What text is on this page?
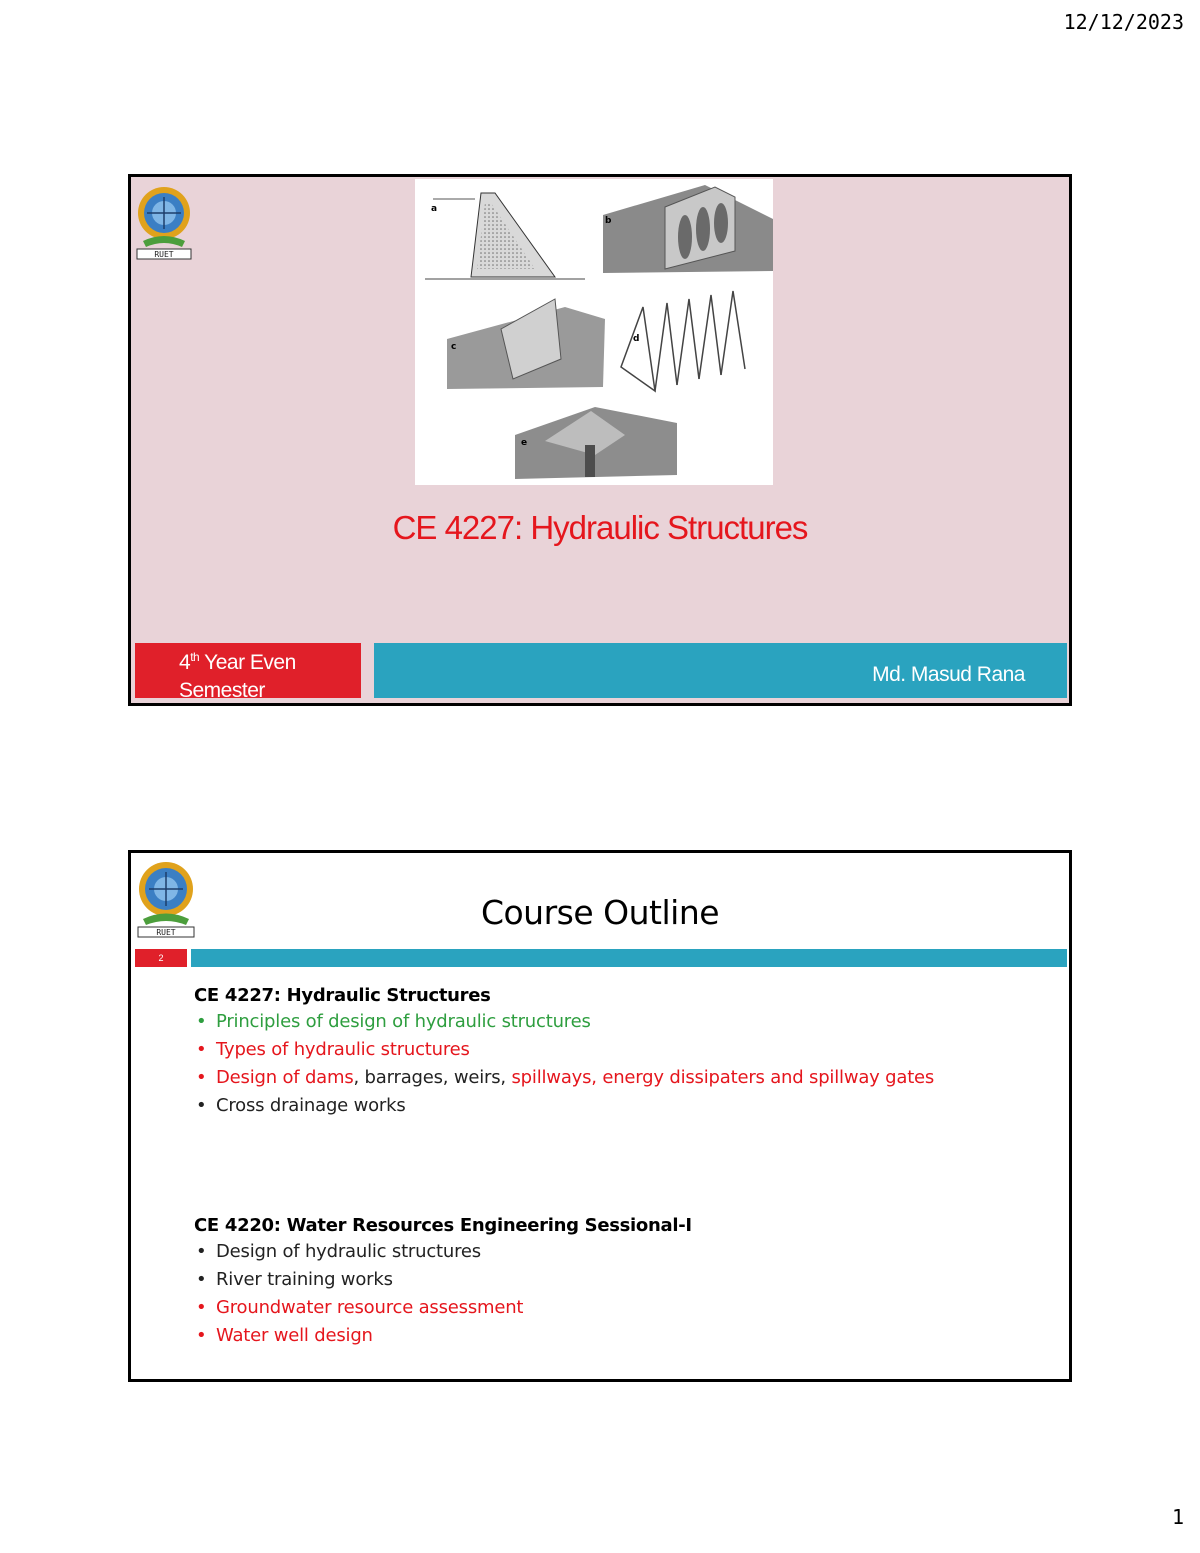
12/12/2023
RUET
a
b
c
d
e
CE 4227: Hydraulic Structures
4th Year Even
Semester
Md. Masud Rana
RUET
Course Outline
2
CE 4227: Hydraulic Structures
• Principles of design of hydraulic structures
• Types of hydraulic structures
• Design of dams, barrages, weirs, spillways, energy dissipaters and spillway gates
• Cross drainage works
CE 4220: Water Resources Engineering Sessional-I
• Design of hydraulic structures
• River training works
• Groundwater resource assessment
• Water well design
1
